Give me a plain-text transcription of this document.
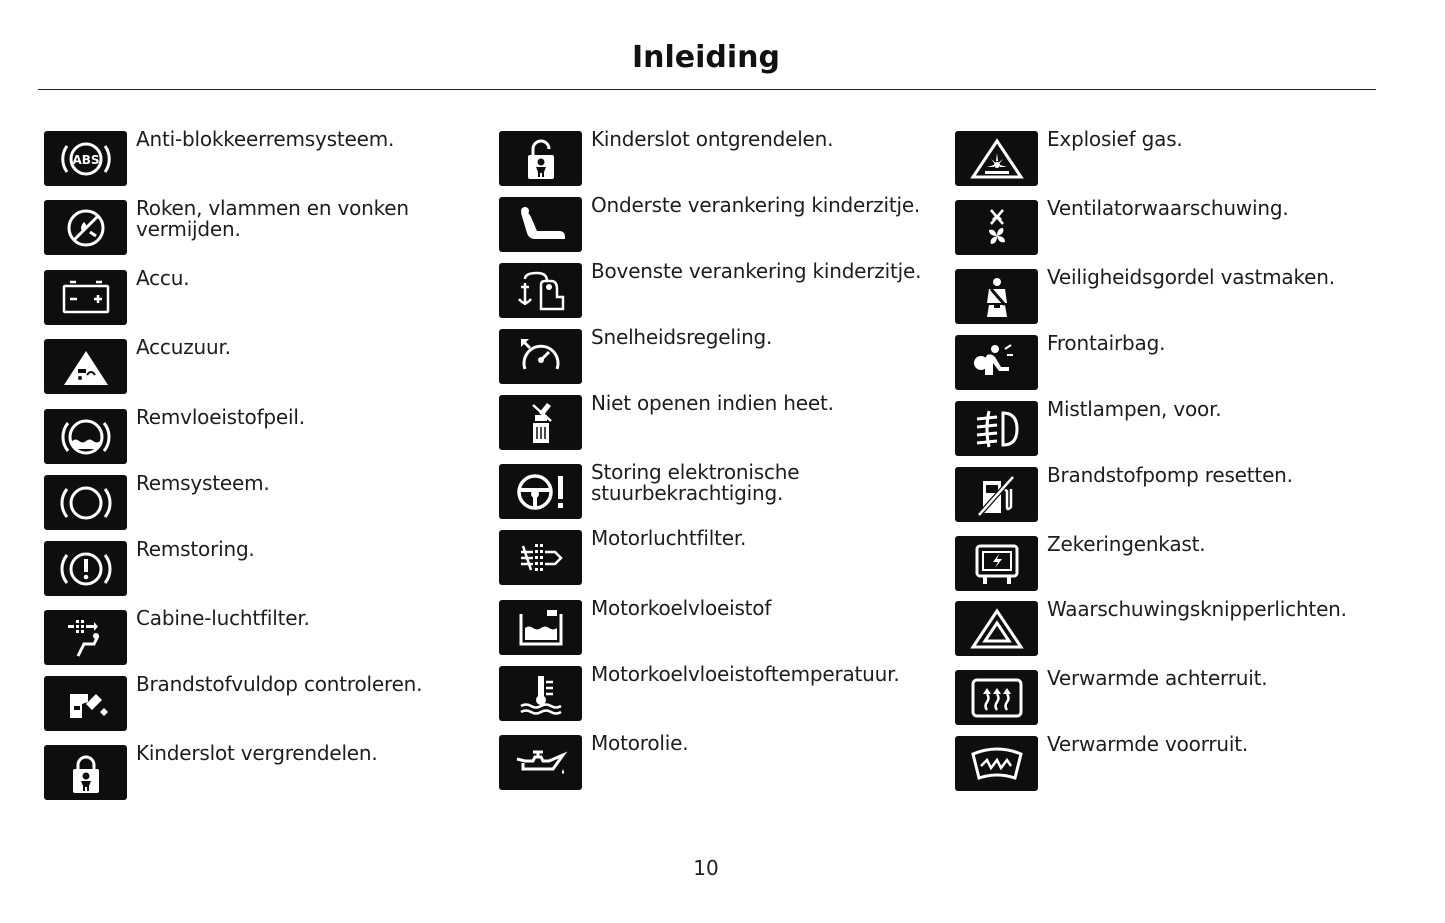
Inleiding
ABS
Anti-blokkeerremsysteem.
Roken, vlammen en vonken vermijden.
Accu.
Accuzuur.
Remvloeistofpeil.
Remsysteem.
Remstoring.
Cabine-luchtfilter.
Brandstofvuldop controleren.
Kinderslot vergrendelen.
Kinderslot ontgrendelen.
Onderste verankering kinderzitje.
Bovenste verankering kinderzitje.
Snelheidsregeling.
Niet openen indien heet.
Storing elektronische stuurbekrachtiging.
Motorluchtfilter.
Motorkoelvloeistof
Motorkoelvloeistoftemperatuur.
Motorolie.
Explosief gas.
Ventilatorwaarschuwing.
Veiligheidsgordel vastmaken.
Frontairbag.
Mistlampen, voor.
Brandstofpomp resetten.
Zekeringenkast.
Waarschuwingsknipperlichten.
Verwarmde achterruit.
Verwarmde voorruit.
10
